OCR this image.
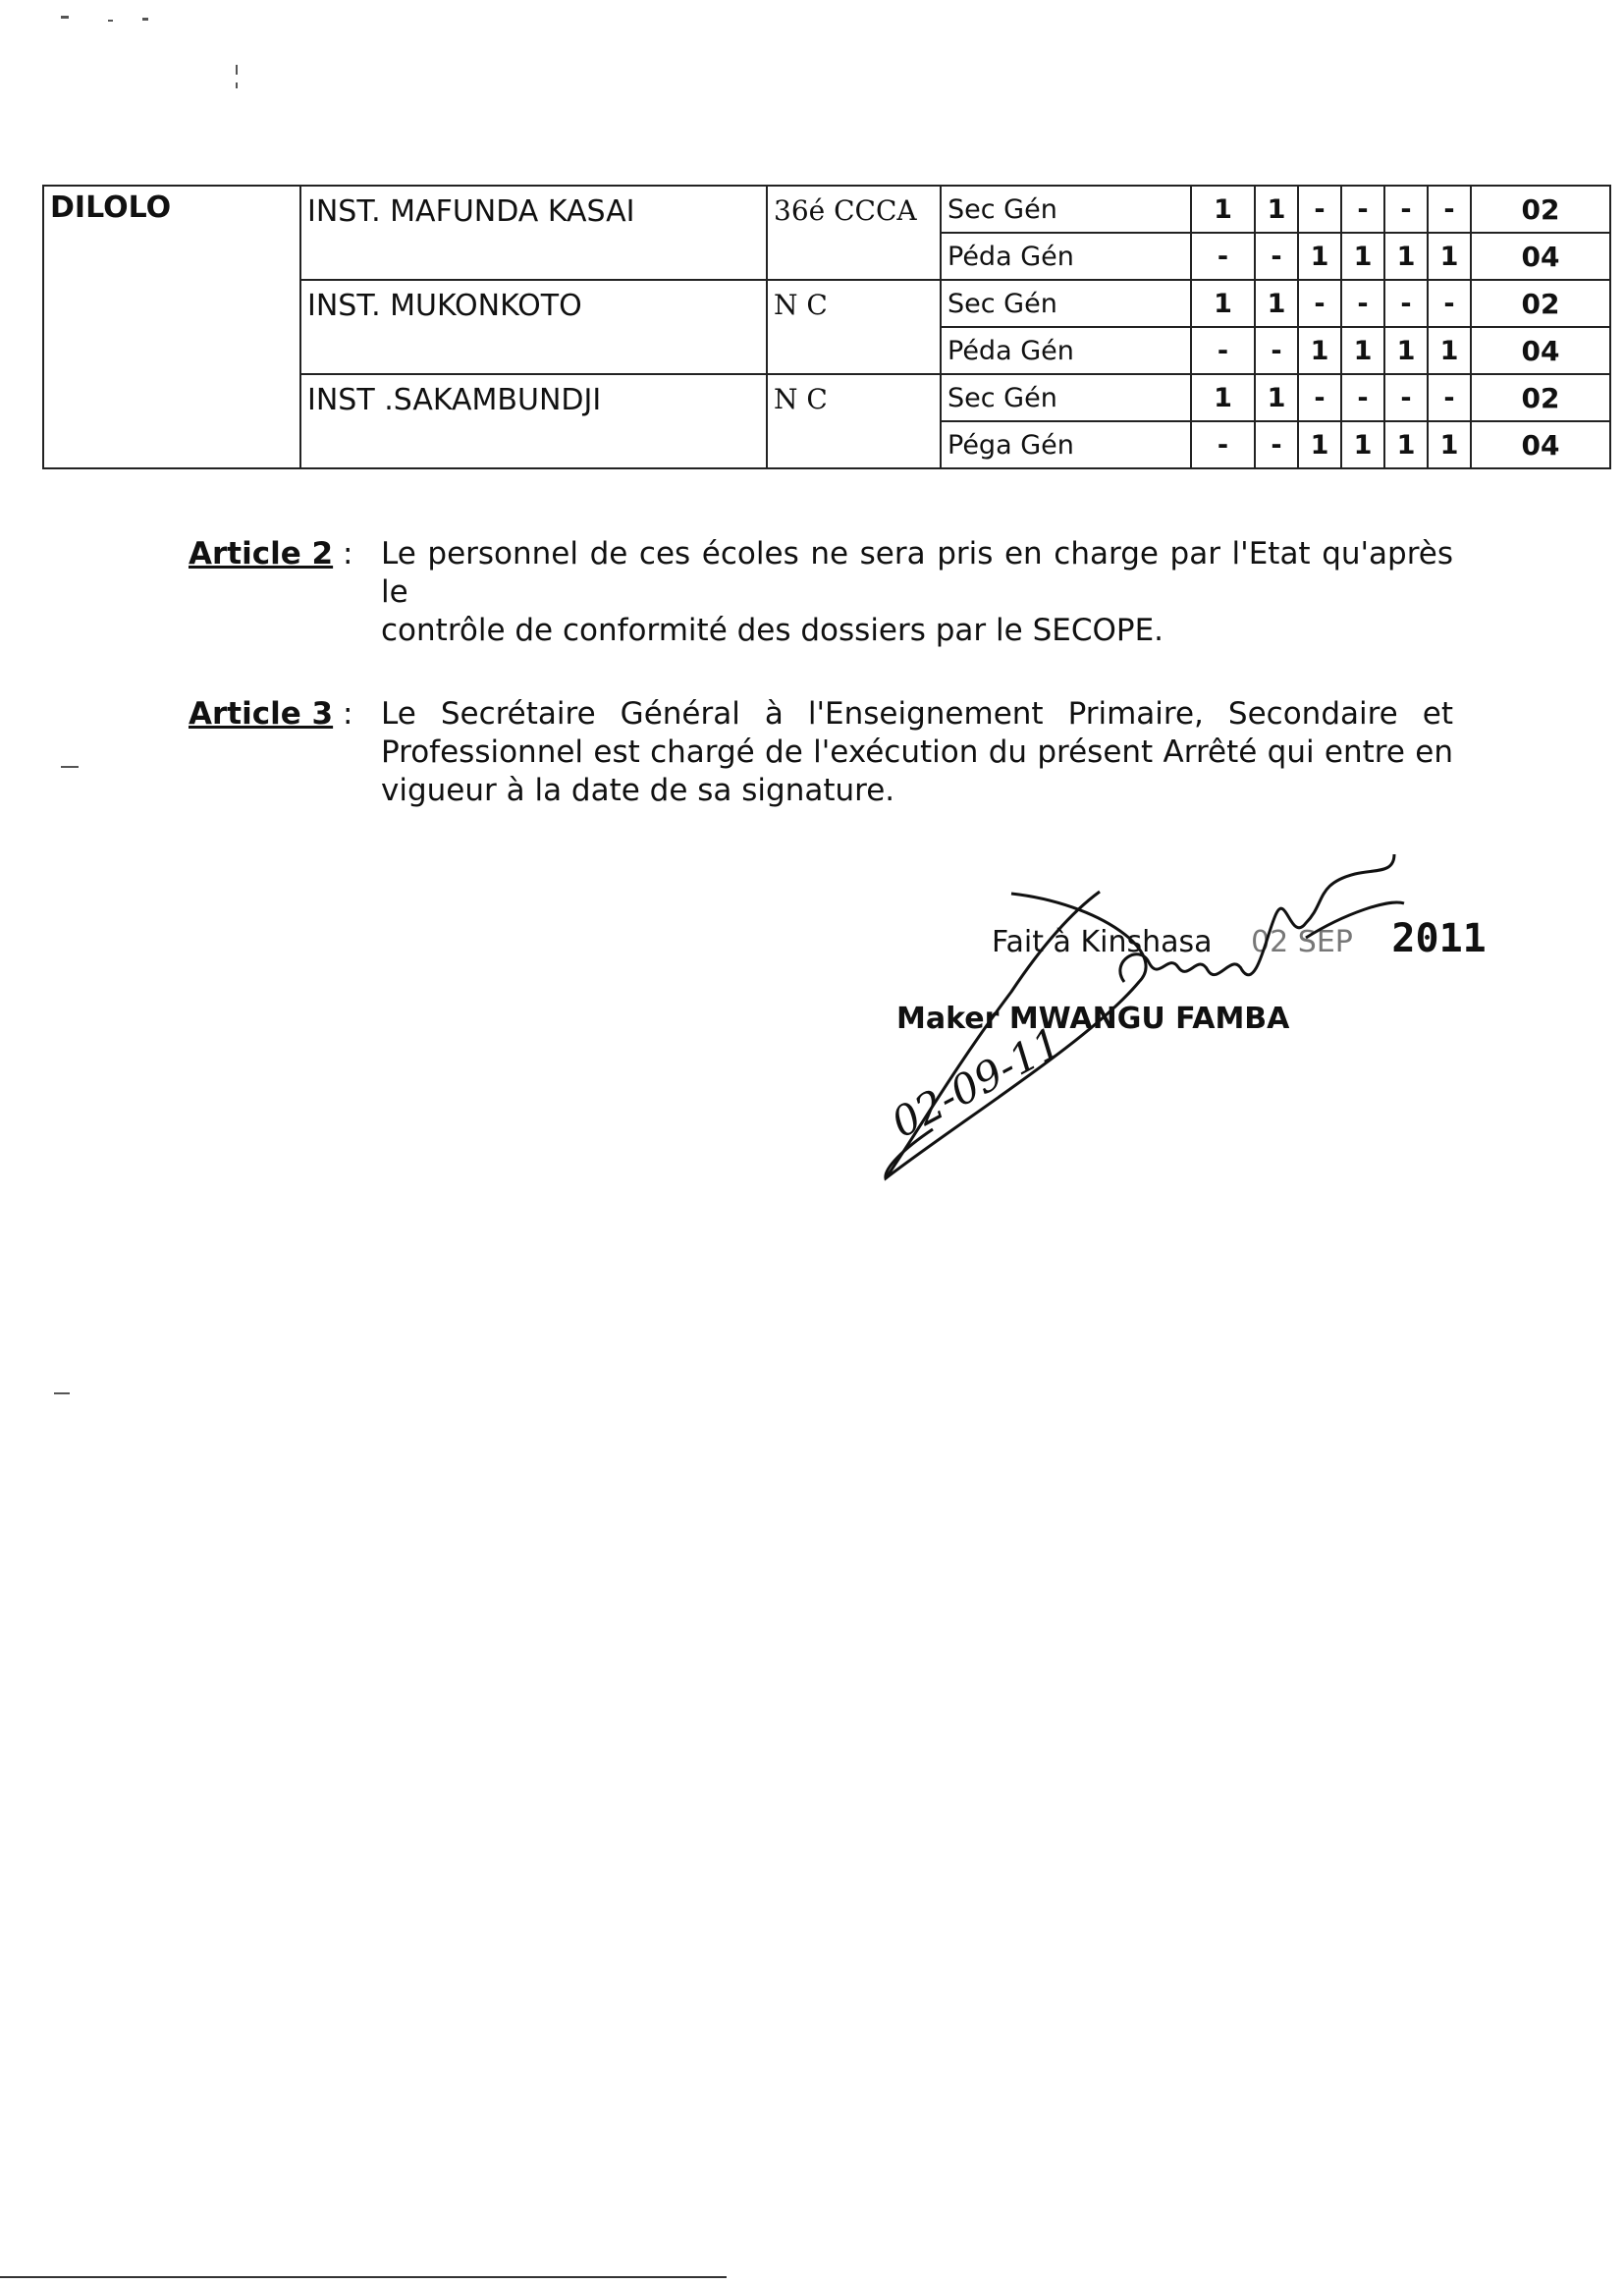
DILOLO	INST. MAFUNDA KASAI	36é CCCA	Sec Gén	1	1	-	-	-	-	02
			Péda Gén	-	-	1	1	1	1	04
	INST. MUKONKOTO	N C	Sec Gén	1	1	-	-	-	-	02
			Péda Gén	-	-	1	1	1	1	04
	INST .SAKAMBUNDJI	N C	Sec Gén	1	1	-	-	-	-	02
			Péga Gén	-	-	1	1	1	1	04
Article 2 : Le personnel de ces écoles ne sera pris en charge par l'Etat qu'après le
contrôle de conformité des dossiers par le SECOPE.
Article 3 : Le Secrétaire Général à l'Enseignement Primaire, Secondaire et
Professionnel est chargé de l'exécution du présent Arrêté qui entre en
vigueur à la date de sa signature.
Fait à Kinshasa 02 SEP 2011
Maker MWANGU FAMBA
02-09-11
